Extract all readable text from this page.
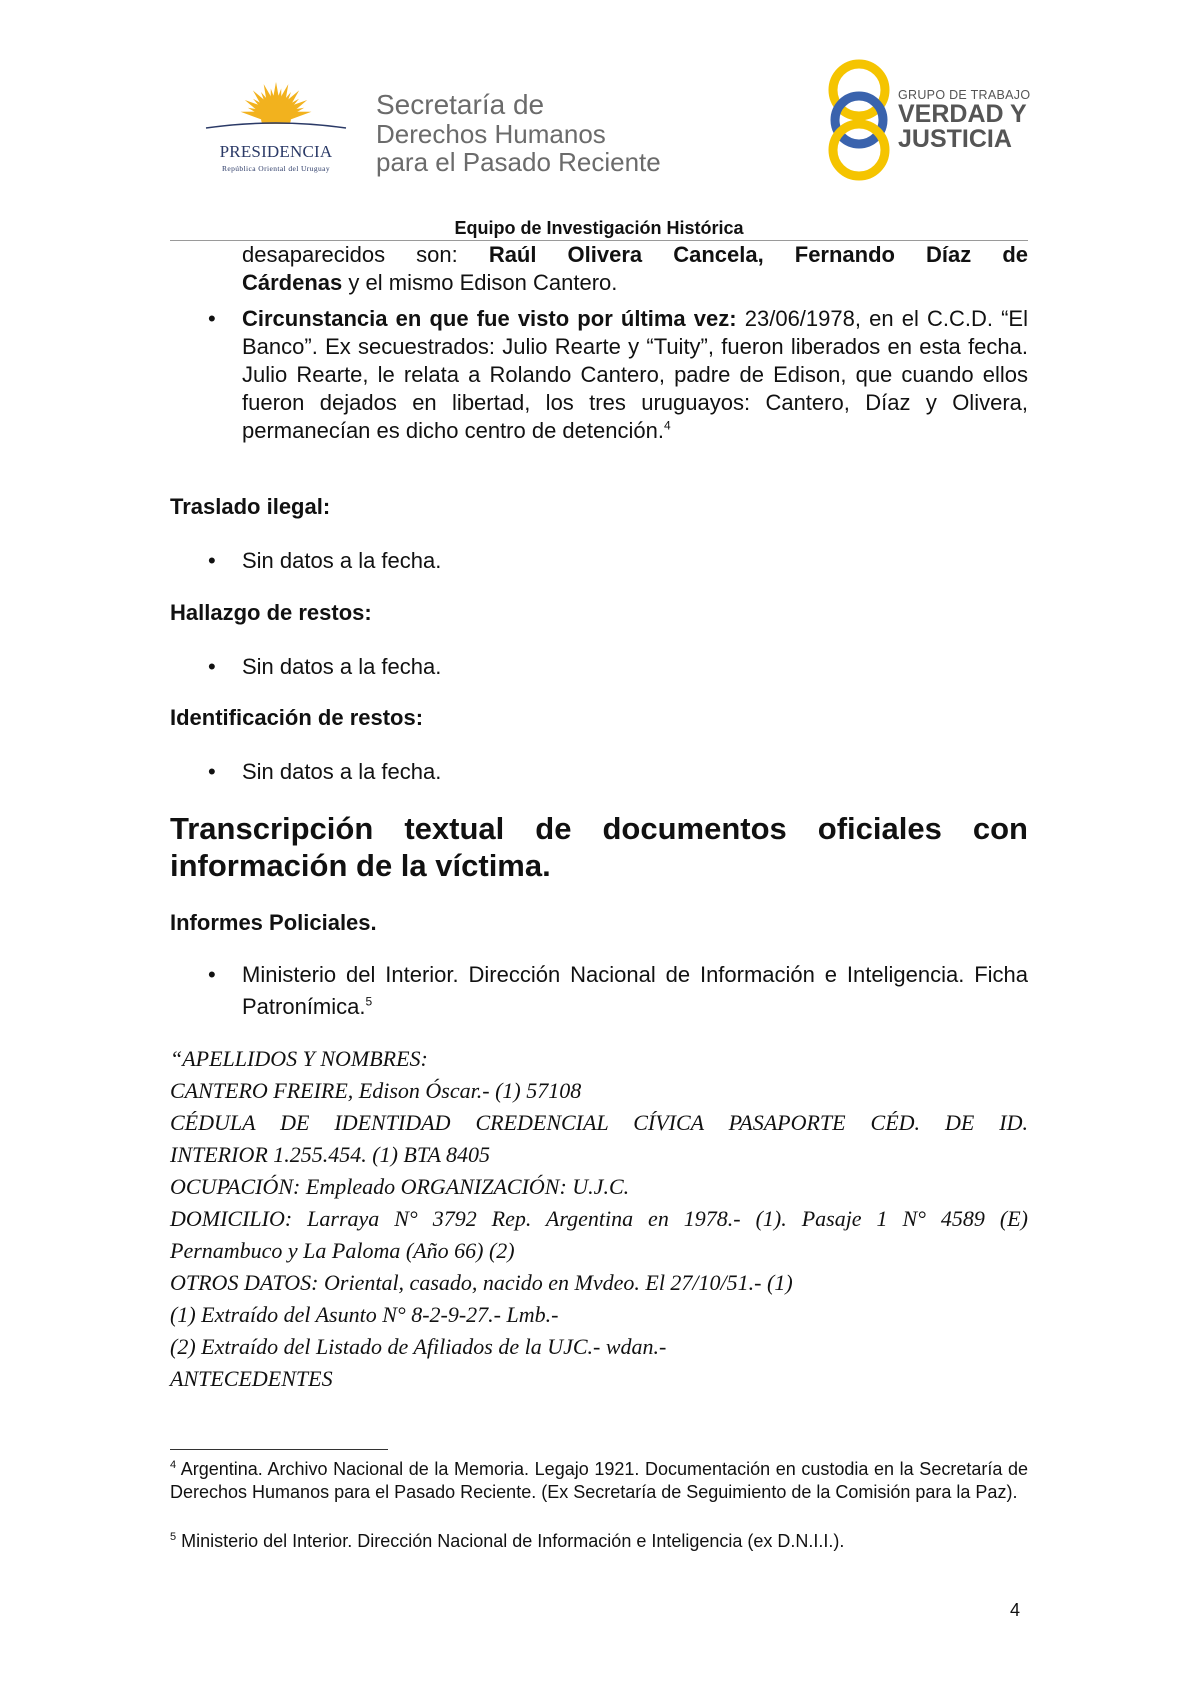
PRESIDENCIA
República Oriental del Uruguay
Secretaría de
Derechos Humanos
para el Pasado Reciente
GRUPO DE TRABAJO
VERDAD Y
JUSTICIA
Equipo de Investigación Histórica
desaparecidos son: Raúl Olivera Cancela, Fernando Díaz de
Cárdenas y el mismo Edison Cantero.
• Circunstancia en que fue visto por última vez: 23/06/1978, en el C.C.D. “El Banco”. Ex secuestrados: Julio Rearte y “Tuity”, fueron liberados en esta fecha. Julio Rearte, le relata a Rolando Cantero, padre de Edison, que cuando ellos fueron dejados en libertad, los tres uruguayos: Cantero, Díaz y Olivera, permanecían es dicho centro de detención.$^4$
Traslado ilegal:
• Sin datos a la fecha.
Hallazgo de restos:
• Sin datos a la fecha.
Identificación de restos:
• Sin datos a la fecha.
Transcripción textual de documentos oficiales con información de la víctima.
Informes Policiales.
• Ministerio del Interior. Dirección Nacional de Información e Inteligencia. Ficha Patronímica.$^5$
“APELLIDOS Y NOMBRES:
CANTERO FREIRE, Edison Óscar.- (1) 57108
CÉDULA DE IDENTIDAD CREDENCIAL CÍVICA PASAPORTE CÉD. DE ID.
INTERIOR 1.255.454. (1) BTA 8405
OCUPACIÓN: Empleado ORGANIZACIÓN: U.J.C.
DOMICILIO: Larraya N° 3792 Rep. Argentina en 1978.- (1). Pasaje 1 N° 4589 (E)
Pernambuco y La Paloma (Año 66) (2)
OTROS DATOS: Oriental, casado, nacido en Mvdeo. El 27/10/51.- (1)
(1) Extraído del Asunto N° 8-2-9-27.- Lmb.-
(2) Extraído del Listado de Afiliados de la UJC.- wdan.-
ANTECEDENTES
$^4$ Argentina. Archivo Nacional de la Memoria. Legajo 1921. Documentación en custodia en la Secretaría de Derechos Humanos para el Pasado Reciente. (Ex Secretaría de Seguimiento de la Comisión para la Paz).
$^5$ Ministerio del Interior. Dirección Nacional de Información e Inteligencia (ex D.N.I.I.).
4
